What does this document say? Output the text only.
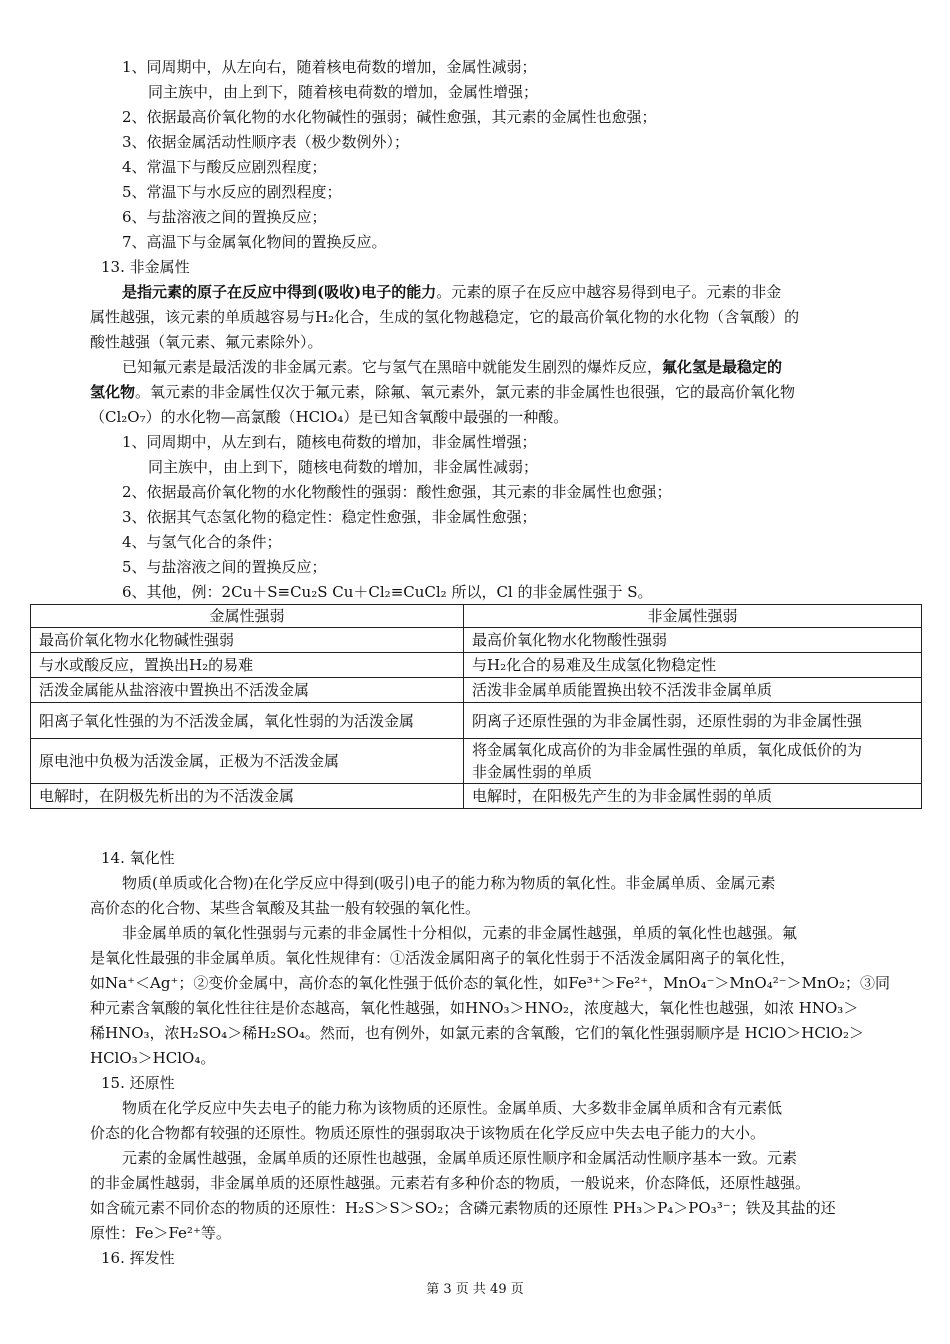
1、同周期中，从左向右，随着核电荷数的增加，金属性减弱；
同主族中，由上到下，随着核电荷数的增加，金属性增强；
2、依据最高价氧化物的水化物碱性的强弱；碱性愈强，其元素的金属性也愈强；
3、依据金属活动性顺序表（极少数例外）；
4、常温下与酸反应剧烈程度；
5、常温下与水反应的剧烈程度；
6、与盐溶液之间的置换反应；
7、高温下与金属氧化物间的置换反应。
13. 非金属性
是指元素的原子在反应中得到(吸收)电子的能力。元素的原子在反应中越容易得到电子。元素的非金
属性越强，该元素的单质越容易与H₂化合，生成的氢化物越稳定，它的最高价氧化物的水化物（含氧酸）的
酸性越强（氧元素、氟元素除外）。
已知氟元素是最活泼的非金属元素。它与氢气在黑暗中就能发生剧烈的爆炸反应，氟化氢是最稳定的
氢化物。氧元素的非金属性仅次于氟元素，除氟、氧元素外，氯元素的非金属性也很强，它的最高价氧化物
（Cl₂O₇）的水化物—高氯酸（HClO₄）是已知含氧酸中最强的一种酸。
1、同周期中，从左到右，随核电荷数的增加，非金属性增强；
同主族中，由上到下，随核电荷数的增加，非金属性减弱；
2、依据最高价氧化物的水化物酸性的强弱：酸性愈强，其元素的非金属性也愈强；
3、依据其气态氢化物的稳定性：稳定性愈强，非金属性愈强；
4、与氢气化合的条件；
5、与盐溶液之间的置换反应；
6、其他，例：2Cu＋S≡Cu₂S Cu＋Cl₂≡CuCl₂ 所以，Cl 的非金属性强于 S。
金属性强弱	非金属性强弱
最高价氧化物水化物碱性强弱	最高价氧化物水化物酸性强弱
与水或酸反应，置换出H₂的易难	与H₂化合的易难及生成氢化物稳定性
活泼金属能从盐溶液中置换出不活泼金属	活泼非金属单质能置换出较不活泼非金属单质
阳离子氧化性强的为不活泼金属，氧化性弱的为活泼金属	阴离子还原性强的为非金属性弱，还原性弱的为非金属性强
原电池中负极为活泼金属，正极为不活泼金属	将金属氧化成高价的为非金属性强的单质，氧化成低价的为
非金属性弱的单质

电解时，在阴极先析出的为不活泼金属	电解时，在阳极先产生的为非金属性弱的单质
14. 氧化性
物质(单质或化合物)在化学反应中得到(吸引)电子的能力称为物质的氧化性。非金属单质、金属元素
高价态的化合物、某些含氧酸及其盐一般有较强的氧化性。
非金属单质的氧化性强弱与元素的非金属性十分相似，元素的非金属性越强，单质的氧化性也越强。氟
是氧化性最强的非金属单质。氧化性规律有：①活泼金属阳离子的氧化性弱于不活泼金属阳离子的氧化性，
如Na⁺＜Ag⁺；②变价金属中，高价态的氧化性强于低价态的氧化性，如Fe³⁺＞Fe²⁺，MnO₄⁻＞MnO₄²⁻＞MnO₂；③同
种元素含氧酸的氧化性往往是价态越高，氧化性越强，如HNO₃＞HNO₂，浓度越大，氧化性也越强，如浓 HNO₃＞
稀HNO₃，浓H₂SO₄＞稀H₂SO₄。然而，也有例外，如氯元素的含氧酸，它们的氧化性强弱顺序是 HClO＞HClO₂＞
HClO₃＞HClO₄。
15. 还原性
物质在化学反应中失去电子的能力称为该物质的还原性。金属单质、大多数非金属单质和含有元素低
价态的化合物都有较强的还原性。物质还原性的强弱取决于该物质在化学反应中失去电子能力的大小。
元素的金属性越强，金属单质的还原性也越强，金属单质还原性顺序和金属活动性顺序基本一致。元素
的非金属性越弱，非金属单质的还原性越强。元素若有多种价态的物质，一般说来，价态降低，还原性越强。
如含硫元素不同价态的物质的还原性：H₂S＞S＞SO₂；含磷元素物质的还原性 PH₃＞P₄＞PO₃³⁻；铁及其盐的还
原性：Fe＞Fe²⁺等。
16. 挥发性
第 3 页 共 49 页
